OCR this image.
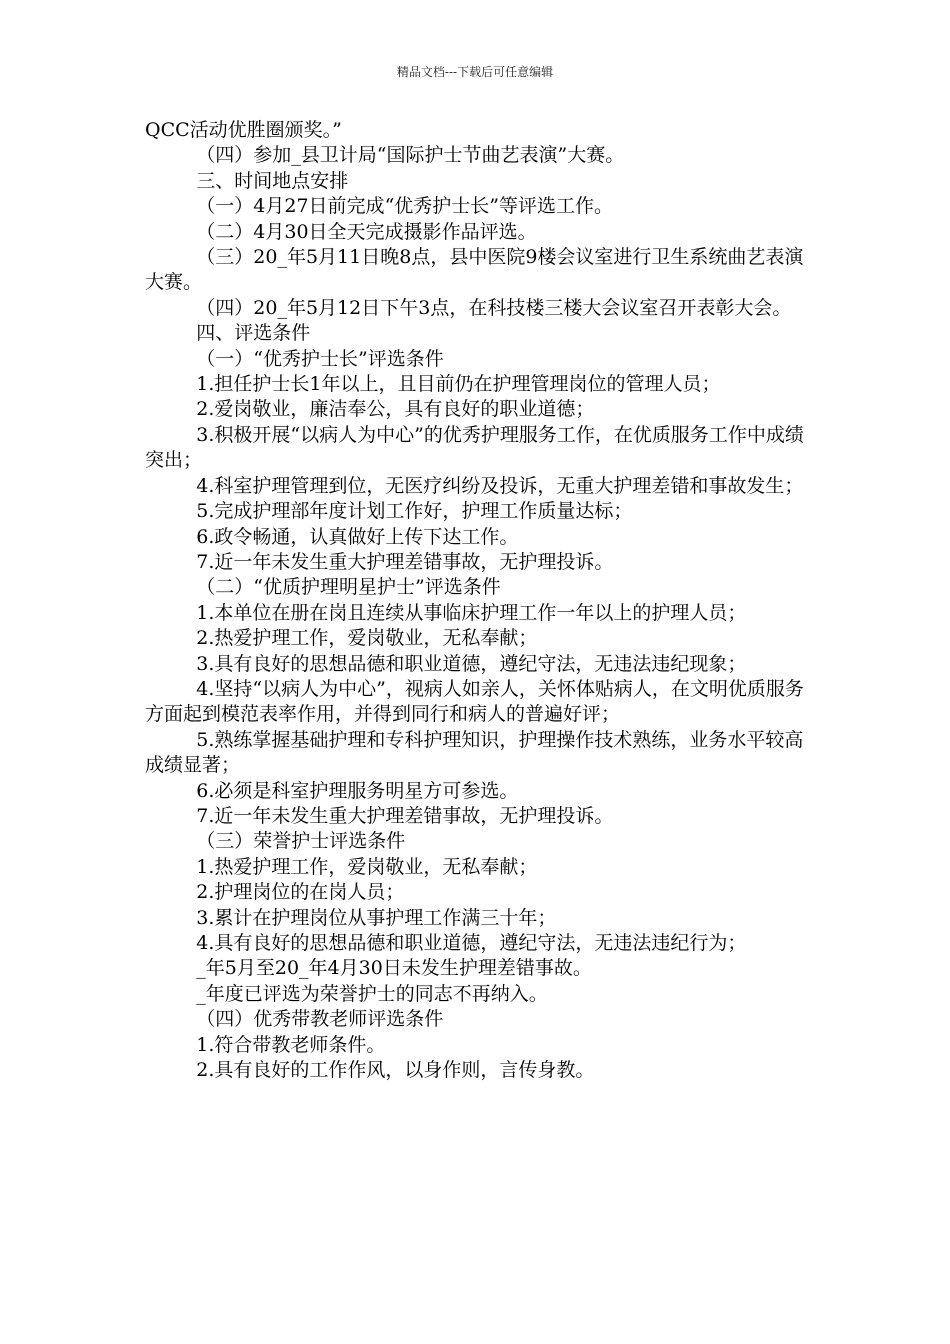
精品文档---下载后可任意编辑

QCC活动优胜圈颁奖。”

（四）参加_县卫计局“国际护士节曲艺表演”大赛。

三、时间地点安排

（一）4月27日前完成“优秀护士长”等评选工作。

（二）4月30日全天完成摄影作品评选。

（三）20_年5月11日晚8点，县中医院9楼会议室进行卫生系统曲艺表演大赛。

（四）20_年5月12日下午3点，在科技楼三楼大会议室召开表彰大会。

四、评选条件

（一）“优秀护士长”评选条件

1.担任护士长1年以上，且目前仍在护理管理岗位的管理人员；

2.爱岗敬业，廉洁奉公，具有良好的职业道德；

3.积极开展“以病人为中心”的优秀护理服务工作，在优质服务工作中成绩突出；

4.科室护理管理到位，无医疗纠纷及投诉，无重大护理差错和事故发生；

5.完成护理部年度计划工作好，护理工作质量达标；

6.政令畅通，认真做好上传下达工作。

7.近一年未发生重大护理差错事故，无护理投诉。

（二）“优质护理明星护士”评选条件

1.本单位在册在岗且连续从事临床护理工作一年以上的护理人员；

2.热爱护理工作，爱岗敬业，无私奉献；

3.具有良好的思想品德和职业道德，遵纪守法，无违法违纪现象；

4.坚持“以病人为中心”，视病人如亲人，关怀体贴病人，在文明优质服务方面起到模范表率作用，并得到同行和病人的普遍好评；

5.熟练掌握基础护理和专科护理知识，护理操作技术熟练，业务水平较高成绩显著；

6.必须是科室护理服务明星方可参选。

7.近一年未发生重大护理差错事故，无护理投诉。

（三）荣誉护士评选条件

1.热爱护理工作，爱岗敬业，无私奉献；

2.护理岗位的在岗人员；

3.累计在护理岗位从事护理工作满三十年；

4.具有良好的思想品德和职业道德，遵纪守法，无违法违纪行为；

_年5月至20_年4月30日未发生护理差错事故。

_年度已评选为荣誉护士的同志不再纳入。

（四）优秀带教老师评选条件

1.符合带教老师条件。

2.具有良好的工作作风，以身作则，言传身教。
